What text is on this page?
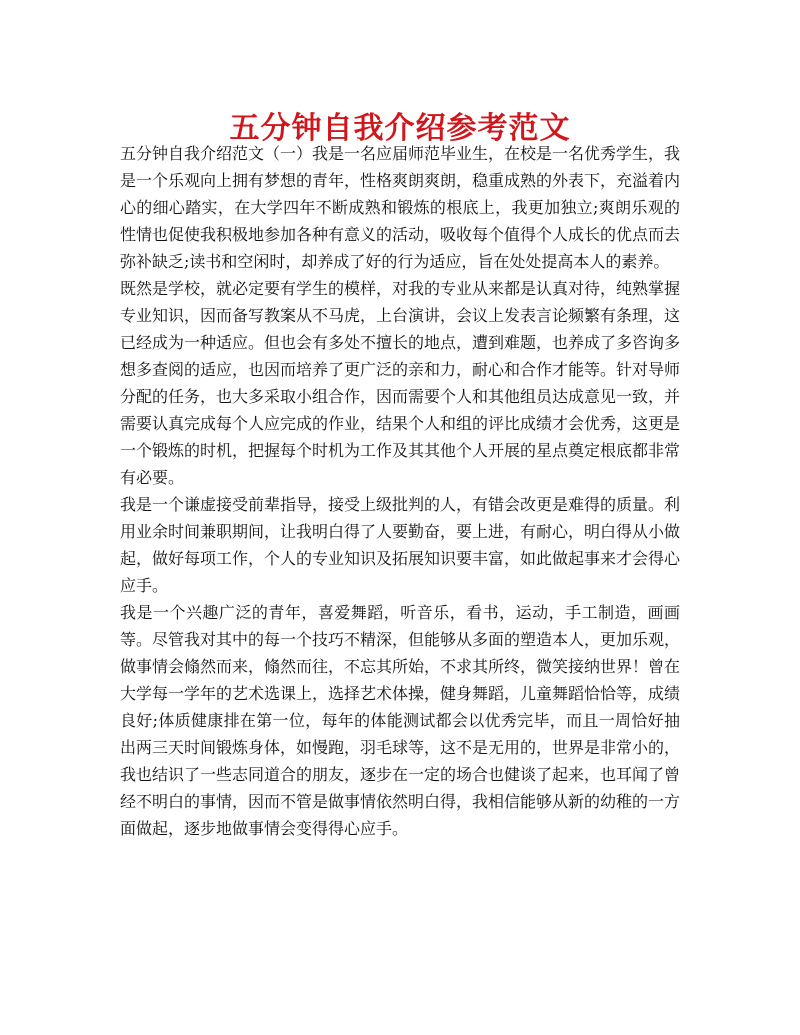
五分钟自我介绍参考范文

五分钟自我介绍范文（一）我是一名应届师范毕业生，在校是一名优秀学生，我是一个乐观向上拥有梦想的青年，性格爽朗爽朗，稳重成熟的外表下，充溢着内心的细心踏实，在大学四年不断成熟和锻炼的根底上，我更加独立;爽朗乐观的性情也促使我积极地参加各种有意义的活动，吸收每个值得个人成长的优点而去弥补缺乏;读书和空闲时，却养成了好的行为适应，旨在处处提高本人的素养。

既然是学校，就必定要有学生的模样，对我的专业从来都是认真对待，纯熟掌握专业知识，因而备写教案从不马虎，上台演讲，会议上发表言论频繁有条理，这已经成为一种适应。但也会有多处不擅长的地点，遭到难题，也养成了多咨询多想多查阅的适应，也因而培养了更广泛的亲和力，耐心和合作才能等。针对导师分配的任务，也大多采取小组合作，因而需要个人和其他组员达成意见一致，并需要认真完成每个人应完成的作业，结果个人和组的评比成绩才会优秀，这更是一个锻炼的时机，把握每个时机为工作及其其他个人开展的星点奠定根底都非常有必要。

我是一个谦虚接受前辈指导，接受上级批判的人，有错会改更是难得的质量。利用业余时间兼职期间，让我明白得了人要勤奋，要上进，有耐心，明白得从小做起，做好每项工作，个人的专业知识及拓展知识要丰富，如此做起事来才会得心应手。

我是一个兴趣广泛的青年，喜爱舞蹈，听音乐，看书，运动，手工制造，画画等。尽管我对其中的每一个技巧不精深，但能够从多面的塑造本人，更加乐观，做事情会翛然而来，翛然而往，不忘其所始，不求其所终，微笑接纳世界！曾在大学每一学年的艺术选课上，选择艺术体操，健身舞蹈，儿童舞蹈恰恰等，成绩良好;体质健康排在第一位，每年的体能测试都会以优秀完毕，而且一周恰好抽出两三天时间锻炼身体，如慢跑，羽毛球等，这不是无用的，世界是非常小的，我也结识了一些志同道合的朋友，逐步在一定的场合也健谈了起来，也耳闻了曾经不明白的事情，因而不管是做事情依然明白得，我相信能够从新的幼稚的一方面做起，逐步地做事情会变得得心应手。
